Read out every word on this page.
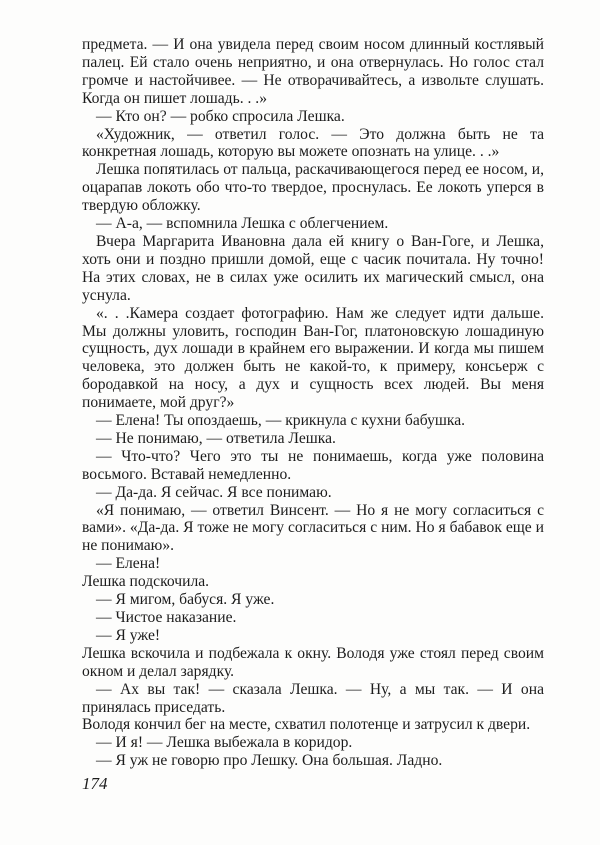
предмета. — И она увидела перед своим носом длинный костлявый палец. Ей стало очень неприятно, и она отвернулась. Но голос стал громче и настойчивее. — Не отворачивайтесь, а извольте слушать. Когда он пишет лошадь. . .»

— Кто он? — робко спросила Лешка.

«Художник, — ответил голос. — Это должна быть не та конкретная лошадь, которую вы можете опознать на улице. . .»

Лешка попятилась от пальца, раскачивающегося перед ее носом, и, оцарапав локоть обо что-то твердое, проснулась. Ее локоть уперся в твердую обложку.

— А-а, — вспомнила Лешка с облегчением.

Вчера Маргарита Ивановна дала ей книгу о Ван-Гоге, и Лешка, хоть они и поздно пришли домой, еще с часик почитала. Ну точно! На этих словах, не в силах уже осилить их магический смысл, она уснула.

«. . .Камера создает фотографию. Нам же следует идти дальше. Мы должны уловить, господин Ван-Гог, платоновскую лошадиную сущность, дух лошади в крайнем его выражении. И когда мы пишем человека, это должен быть не какой-то, к примеру, консьерж с бородавкой на носу, а дух и сущность всех людей. Вы меня понимаете, мой друг?»

— Елена! Ты опоздаешь, — крикнула с кухни бабушка.

— Не понимаю, — ответила Лешка.

— Что-что? Чего это ты не понимаешь, когда уже половина восьмого. Вставай немедленно.

— Да-да. Я сейчас. Я все понимаю.

«Я понимаю, — ответил Винсент. — Но я не могу согласиться с вами». «Да-да. Я тоже не могу согласиться с ним. Но я бабавок еще и не понимаю».

— Елена!

Лешка подскочила.

— Я мигом, бабуся. Я уже.

— Чистое наказание.

— Я уже!

Лешка вскочила и подбежала к окну. Володя уже стоял перед своим окном и делал зарядку.

— Ах вы так! — сказала Лешка. — Ну, а мы так. — И она принялась приседать.

Володя кончил бег на месте, схватил полотенце и затрусил к двери.

— И я! — Лешка выбежала в коридор.

— Я уж не говорю про Лешку. Она большая. Ладно.

174
